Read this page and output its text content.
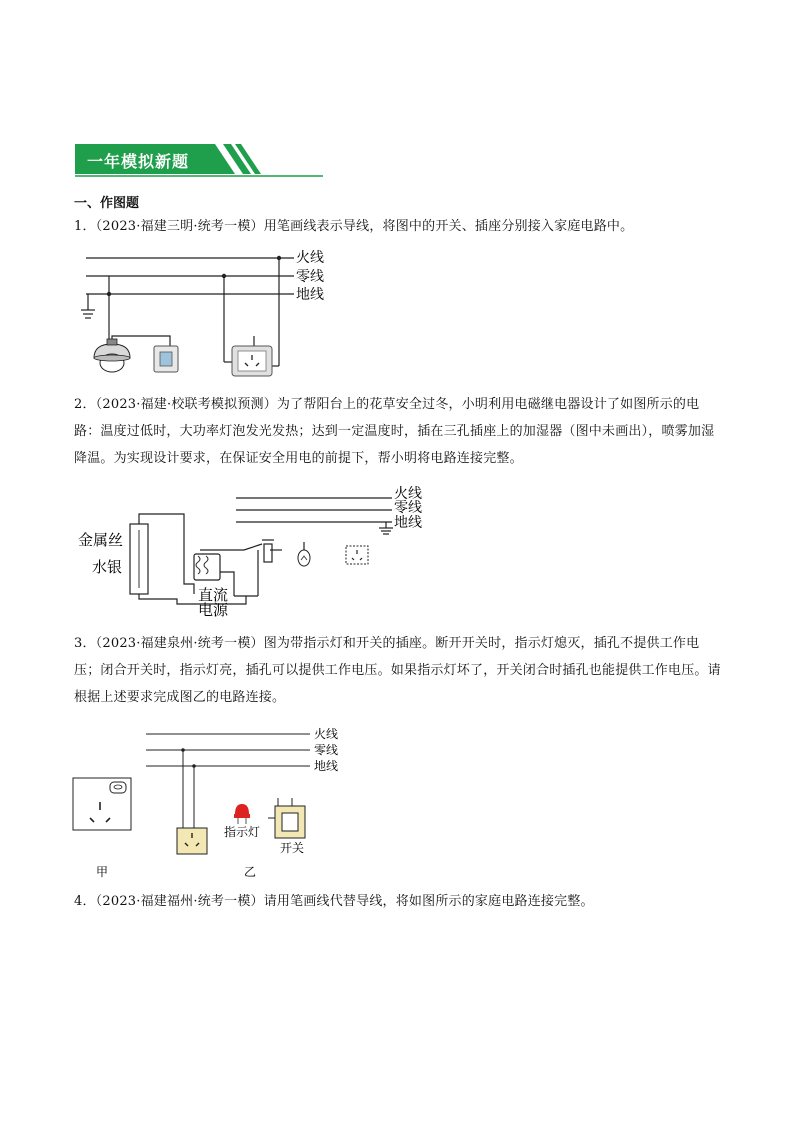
一年模拟新题
一、作图题
1．（2023·福建三明·统考一模）用笔画线表示导线，将图中的开关、插座分别接入家庭电路中。
火线
零线
地线
2．（2023·福建·校联考模拟预测）为了帮阳台上的花草安全过冬，小明利用电磁继电器设计了如图所示的电路：温度过低时，大功率灯泡发光发热；达到一定温度时，插在三孔插座上的加湿器（图中未画出），喷雾加湿降温。为实现设计要求，在保证安全用电的前提下，帮小明将电路连接完整。
火线
零线
地线
金属丝
水银
直流
电源
3．（2023·福建泉州·统考一模）图为带指示灯和开关的插座。断开开关时，指示灯熄灭，插孔不提供工作电压；闭合开关时，指示灯亮，插孔可以提供工作电压。如果指示灯坏了，开关闭合时插孔也能提供工作电压。请根据上述要求完成图乙的电路连接。
火线
零线
地线
指示灯
开关
甲	乙
4．（2023·福建福州·统考一模）请用笔画线代替导线，将如图所示的家庭电路连接完整。
